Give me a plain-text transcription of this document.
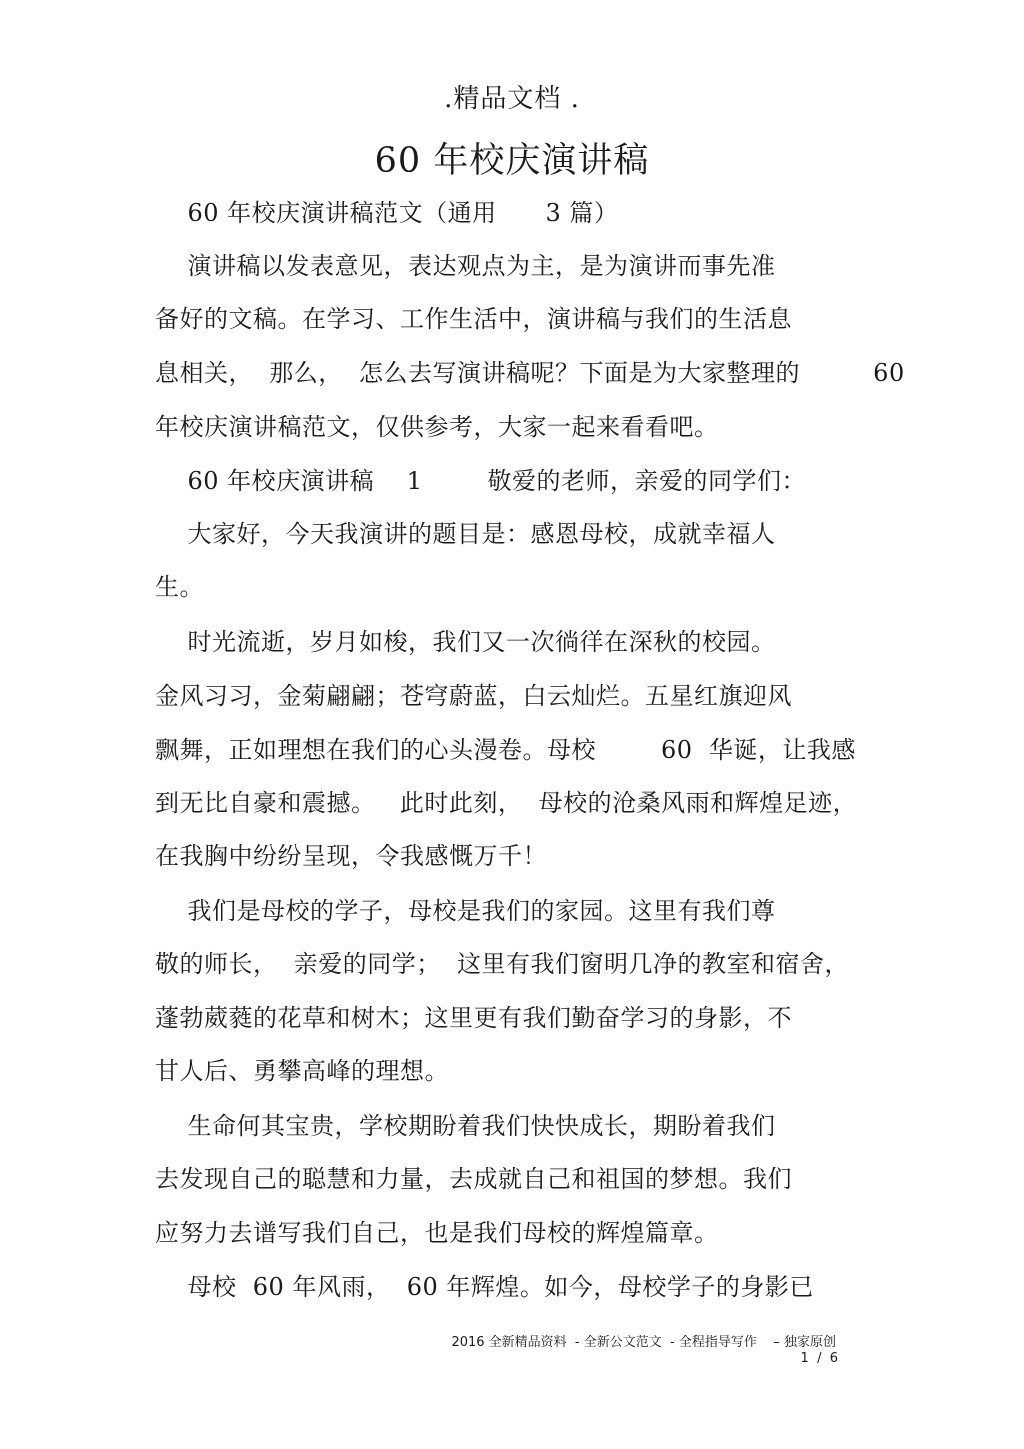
.精品文档 .
60 年校庆演讲稿
60 年校庆演讲稿范文（通用      3 篇）
演讲稿以发表意见，表达观点为主，是为演讲而事先准
备好的文稿。在学习、工作生活中，演讲稿与我们的生活息
息相关，  那么，  怎么去写演讲稿呢？下面是为大家整理的         60
年校庆演讲稿范文，仅供参考，大家一起来看看吧。
60 年校庆演讲稿    1        敬爱的老师，亲爱的同学们：
大家好，今天我演讲的题目是：感恩母校，成就幸福人
生。
时光流逝，岁月如梭，我们又一次徜徉在深秋的校园。
金风习习，金菊翩翩；苍穹蔚蓝，白云灿烂。五星红旗迎风
飘舞，正如理想在我们的心头漫卷。母校        60  华诞，让我感
到无比自豪和震撼。   此时此刻，  母校的沧桑风雨和辉煌足迹，
在我胸中纷纷呈现，令我感慨万千！
我们是母校的学子，母校是我们的家园。这里有我们尊
敬的师长，  亲爱的同学；  这里有我们窗明几净的教室和宿舍，
蓬勃葳蕤的花草和树木；这里更有我们勤奋学习的身影，不
甘人后、勇攀高峰的理想。
生命何其宝贵，学校期盼着我们快快成长，期盼着我们
去发现自己的聪慧和力量，去成就自己和祖国的梦想。我们
应努力去谱写我们自己，也是我们母校的辉煌篇章。
母校  60 年风雨，  60 年辉煌。如今，母校学子的身影已
2016 全新精品资料  - 全新公文范文  - 全程指导写作    – 独家原创
1  /  6
